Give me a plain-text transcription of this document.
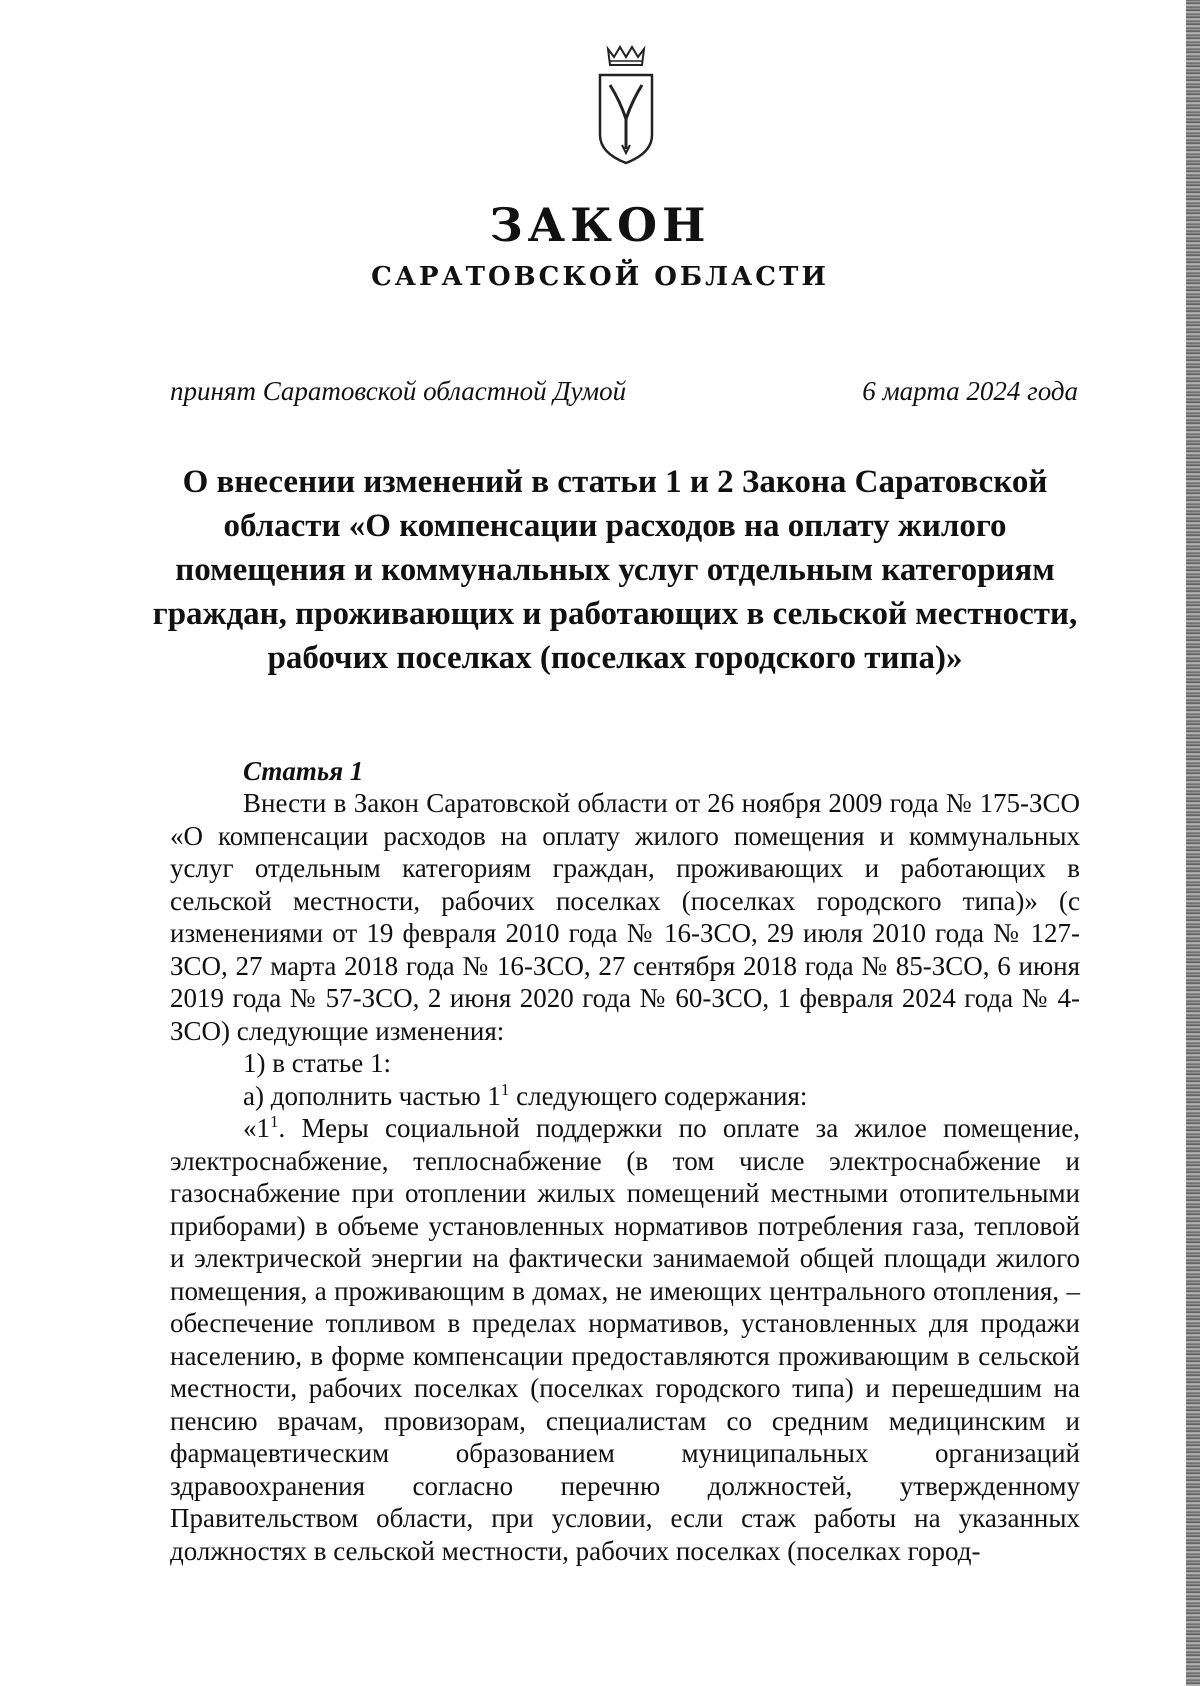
ЗАКОН
САРАТОВСКОЙ ОБЛАСТИ

принят Саратовской областной Думой	6 марта 2024 года

О внесении изменений в статьи 1 и 2 Закона Саратовской области «О компенсации расходов на оплату жилого помещения и коммунальных услуг отдельным категориям граждан, проживающих и работающих в сельской местности, рабочих поселках (поселках городского типа)»

Статья 1

Внести в Закон Саратовской области от 26 ноября 2009 года № 175-ЗСО «О компенсации расходов на оплату жилого помещения и коммунальных услуг отдельным категориям граждан, проживающих и работающих в сельской местности, рабочих поселках (поселках городского типа)» (с изменениями от 19 февраля 2010 года № 16-ЗСО, 29 июля 2010 года № 127-ЗСО, 27 марта 2018 года № 16-ЗСО, 27 сентября 2018 года № 85-ЗСО, 6 июня 2019 года № 57-ЗСО, 2 июня 2020 года № 60-ЗСО, 1 февраля 2024 года № 4-ЗСО) следующие изменения:

1) в статье 1:

а) дополнить частью $1^1$ следующего содержания:

«$1^1$. Меры социальной поддержки по оплате за жилое помещение, электроснабжение, теплоснабжение (в том числе электроснабжение и газоснабжение при отоплении жилых помещений местными отопительными приборами) в объеме установленных нормативов потребления газа, тепловой и электрической энергии на фактически занимаемой общей площади жилого помещения, а проживающим в домах, не имеющих центрального отопления, – обеспечение топливом в пределах нормативов, установленных для продажи населению, в форме компенсации предоставляются проживающим в сельской местности, рабочих поселках (поселках городского типа) и перешедшим на пенсию врачам, провизорам, специалистам со средним медицинским и фармацевтическим образованием муниципальных организаций здравоохранения согласно перечню должностей, утвержденному Правительством области, при условии, если стаж работы на указанных должностях в сельской местности, рабочих поселках (поселках город-
